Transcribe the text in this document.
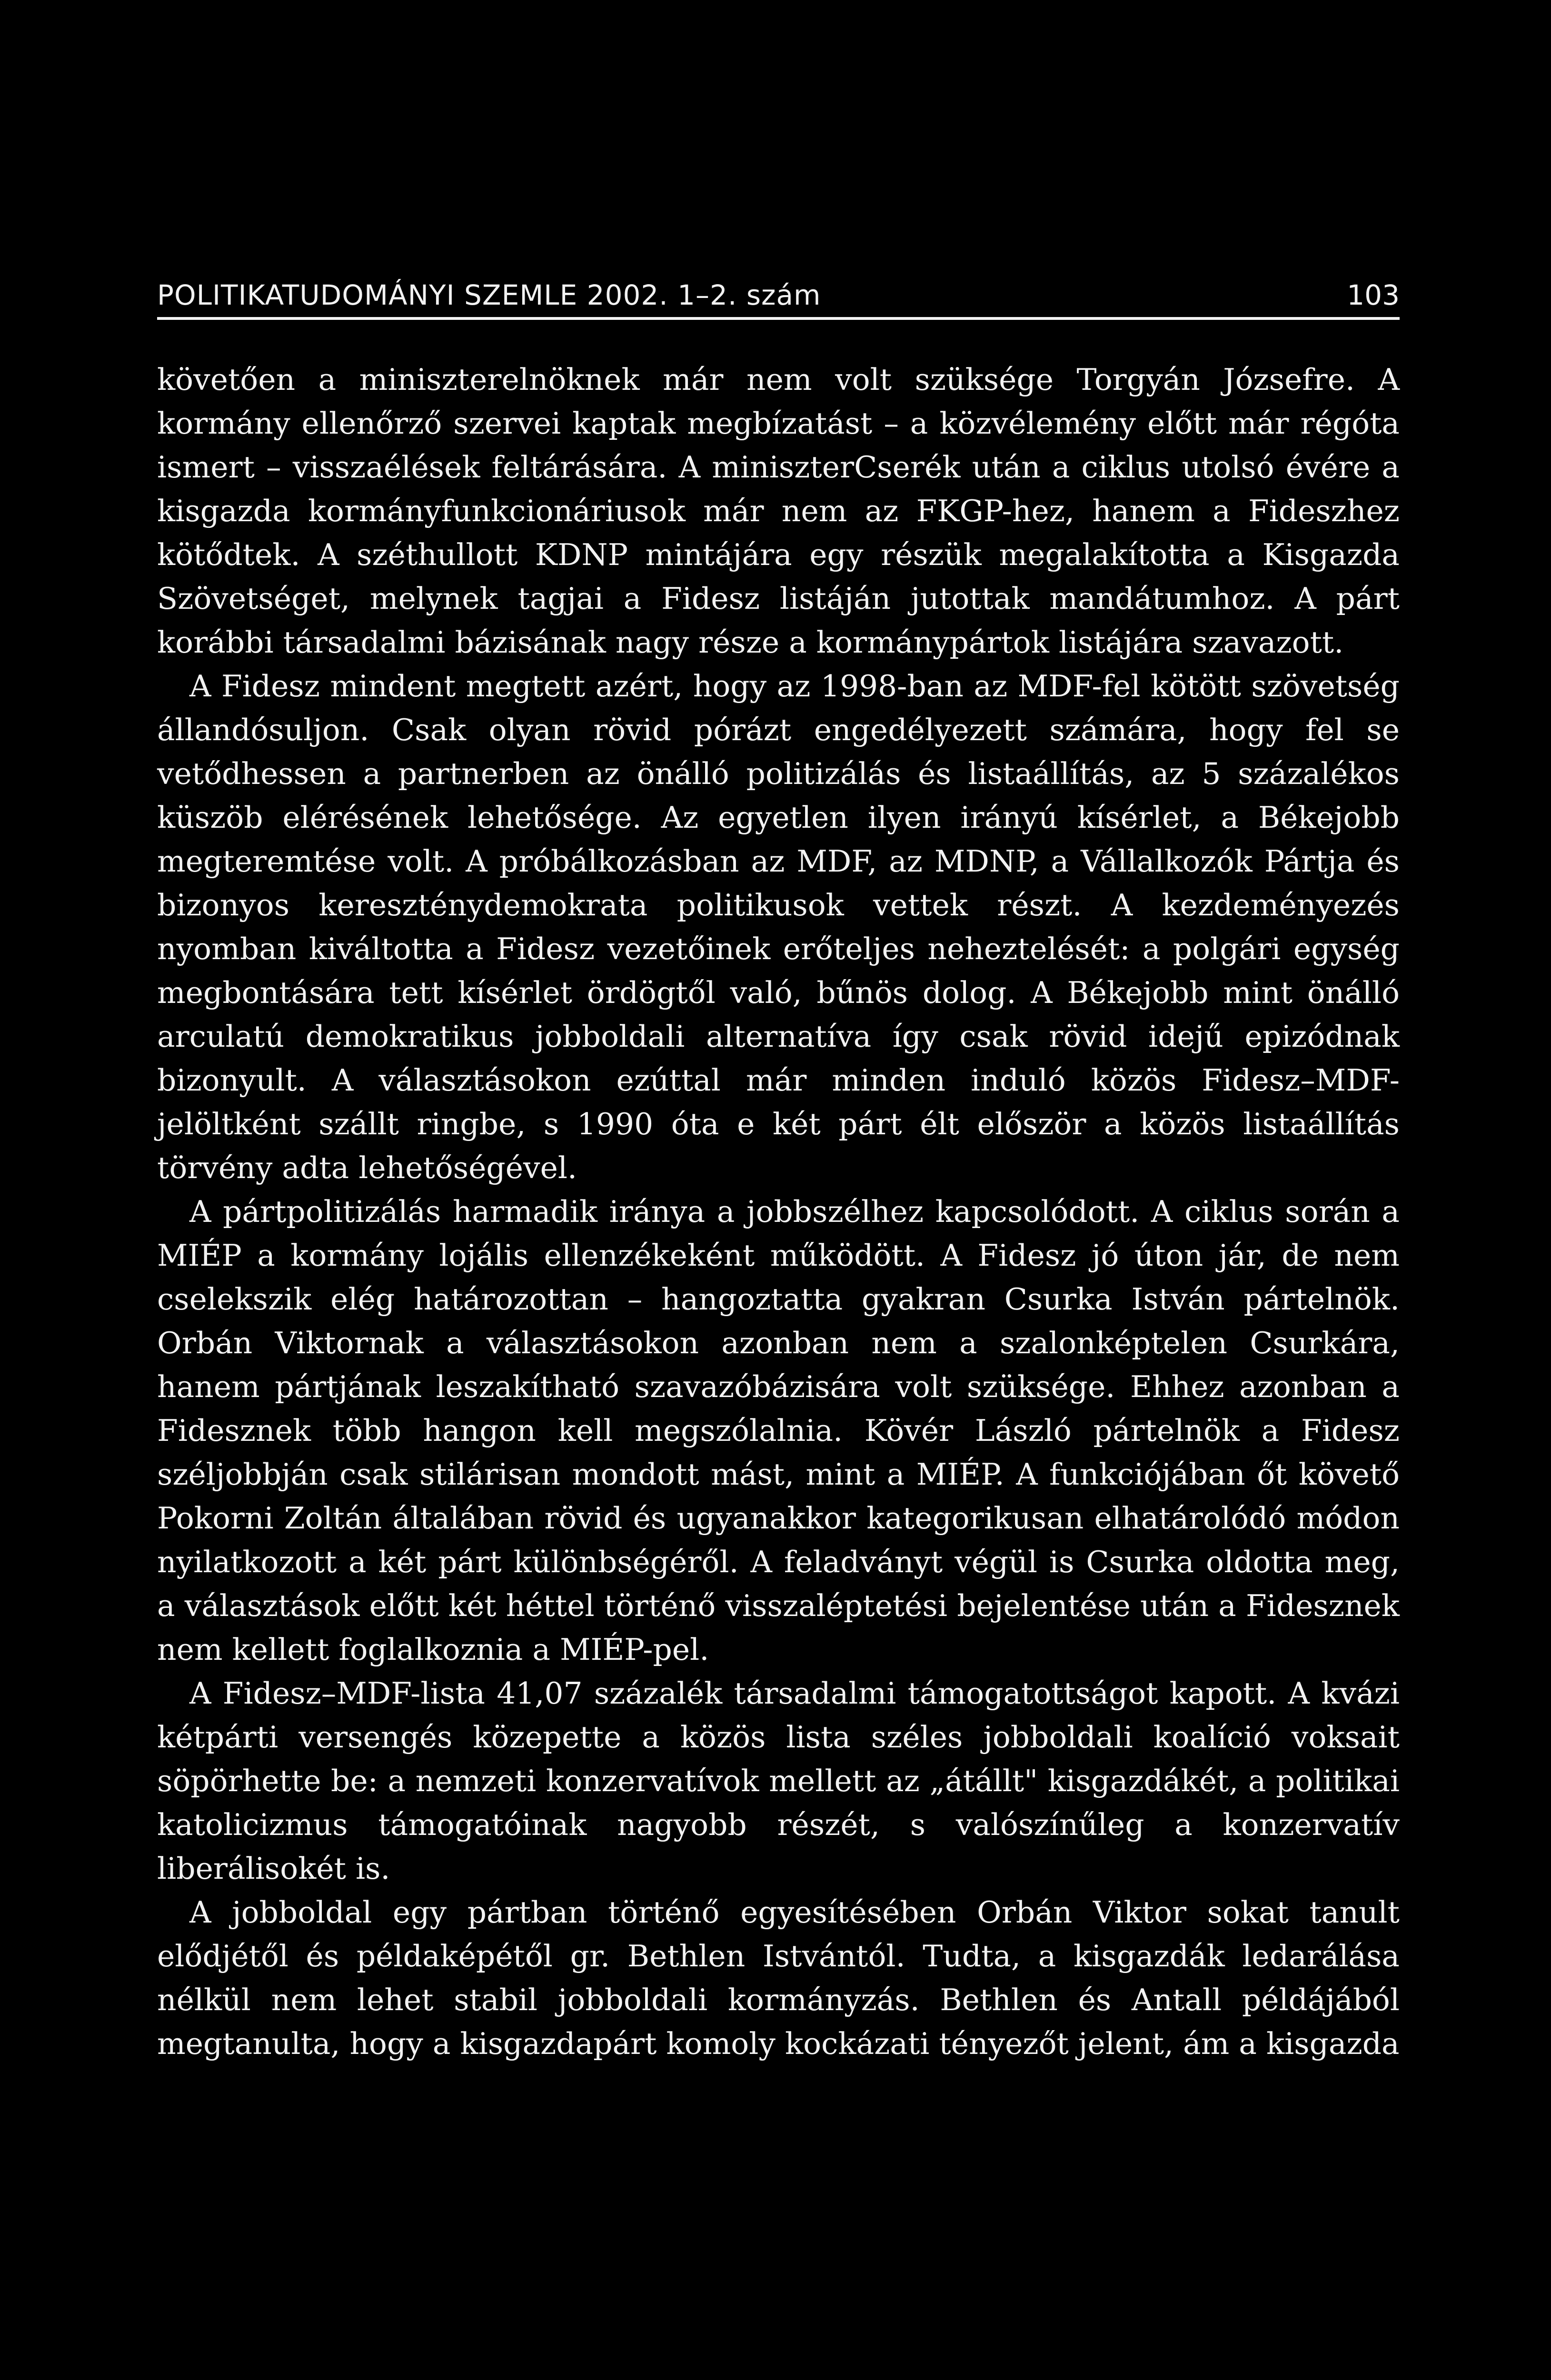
POLITIKATUDOMÁNYI SZEMLE 2002. 1–2. szám	103

követően a miniszterelnöknek már nem volt szüksége Torgyán Józsefre. A kormány ellenőrző szervei kaptak megbízatást – a közvélemény előtt már régóta ismert – visszaélések feltárására. A miniszterCserék után a ciklus utolsó évére a kisgazda kormányfunkcionáriusok már nem az FKGP-hez, hanem a Fideszhez kötődtek. A széthullott KDNP mintájára egy részük megalakította a Kisgazda Szövetséget, melynek tagjai a Fidesz listáján jutottak mandátumhoz. A párt korábbi társadalmi bázisának nagy része a kormánypártok listájára szavazott.

A Fidesz mindent megtett azért, hogy az 1998-ban az MDF-fel kötött szövetség állandósuljon. Csak olyan rövid pórázt engedélyezett számára, hogy fel se vetődhessen a partnerben az önálló politizálás és listaállítás, az 5 százalékos küszöb elérésének lehetősége. Az egyetlen ilyen irányú kísérlet, a Békejobb megteremtése volt. A próbálkozásban az MDF, az MDNP, a Vállalkozók Pártja és bizonyos kereszténydemokrata politikusok vettek részt. A kezdeményezés nyomban kiváltotta a Fidesz vezetőinek erőteljes neheztelését: a polgári egység megbontására tett kísérlet ördögtől való, bűnös dolog. A Békejobb mint önálló arculatú demokratikus jobboldali alternatíva így csak rövid idejű epizódnak bizonyult. A választásokon ezúttal már minden induló közös Fidesz–MDF-jelöltként szállt ringbe, s 1990 óta e két párt élt először a közös listaállítás törvény adta lehetőségével.

A pártpolitizálás harmadik iránya a jobbszélhez kapcsolódott. A ciklus során a MIÉP a kormány lojális ellenzékeként működött. A Fidesz jó úton jár, de nem cselekszik elég határozottan – hangoztatta gyakran Csurka István pártelnök. Orbán Viktornak a választásokon azonban nem a szalonképtelen Csurkára, hanem pártjának leszakítható szavazóbázisára volt szüksége. Ehhez azonban a Fidesznek több hangon kell megszólalnia. Kövér László pártelnök a Fidesz széljobbján csak stilárisan mondott mást, mint a MIÉP. A funkciójában őt követő Pokorni Zoltán általában rövid és ugyanakkor kategorikusan elhatárolódó módon nyilatkozott a két párt különbségéről. A feladványt végül is Csurka oldotta meg, a választások előtt két héttel történő visszaléptetési bejelentése után a Fidesznek nem kellett foglalkoznia a MIÉP-pel.

A Fidesz–MDF-lista 41,07 százalék társadalmi támogatottságot kapott. A kvázi kétpárti versengés közepette a közös lista széles jobboldali koalíció voksait söpörhette be: a nemzeti konzervatívok mellett az „átállt" kisgazdákét, a politikai katolicizmus támogatóinak nagyobb részét, s valószínűleg a konzervatív liberálisokét is.

A jobboldal egy pártban történő egyesítésében Orbán Viktor sokat tanult elődjétől és példaképétől gr. Bethlen Istvántól. Tudta, a kisgazdák ledarálása nélkül nem lehet stabil jobboldali kormányzás. Bethlen és Antall példájából megtanulta, hogy a kisgazdapárt komoly kockázati tényezőt jelent, ám a kisgazda
